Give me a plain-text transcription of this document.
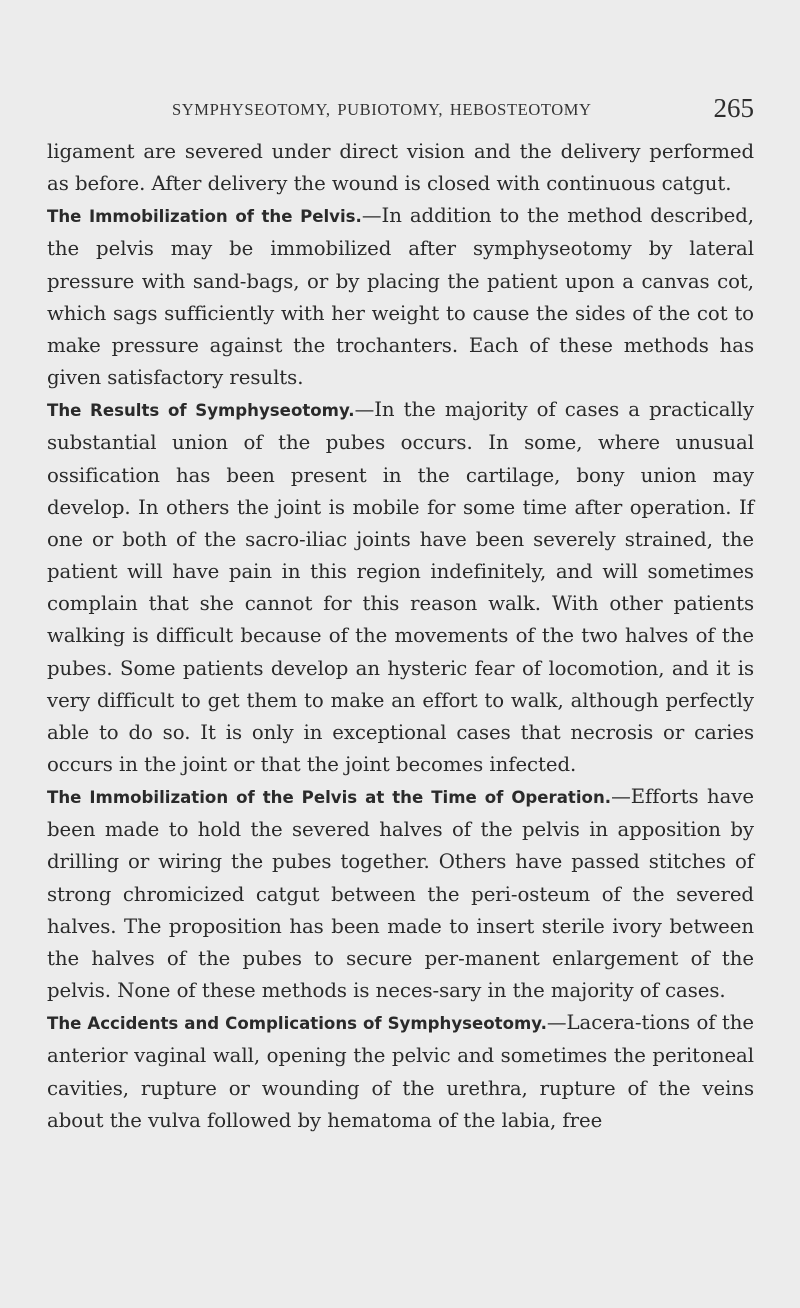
SYMPHYSEOTOMY, PUBIOTOMY, HEBOSTEOTOMY	265

ligament are severed under direct vision and the delivery performed as before. After delivery the wound is closed with continuous catgut.

The Immobilization of the Pelvis.—In addition to the method described, the pelvis may be immobilized after symphyseotomy by lateral pressure with sand-bags, or by placing the patient upon a canvas cot, which sags sufficiently with her weight to cause the sides of the cot to make pressure against the trochanters. Each of these methods has given satisfactory results.

The Results of Symphyseotomy.—In the majority of cases a practically substantial union of the pubes occurs. In some, where unusual ossification has been present in the cartilage, bony union may develop. In others the joint is mobile for some time after operation. If one or both of the sacro-iliac joints have been severely strained, the patient will have pain in this region indefinitely, and will sometimes complain that she cannot for this reason walk. With other patients walking is difficult because of the movements of the two halves of the pubes. Some patients develop an hysteric fear of locomotion, and it is very difficult to get them to make an effort to walk, although perfectly able to do so. It is only in exceptional cases that necrosis or caries occurs in the joint or that the joint becomes infected.

The Immobilization of the Pelvis at the Time of Operation.—Efforts have been made to hold the severed halves of the pelvis in apposition by drilling or wiring the pubes together. Others have passed stitches of strong chromicized catgut between the peri-osteum of the severed halves. The proposition has been made to insert sterile ivory between the halves of the pubes to secure per-manent enlargement of the pelvis. None of these methods is neces-sary in the majority of cases.

The Accidents and Complications of Symphyseotomy.—Lacera-tions of the anterior vaginal wall, opening the pelvic and sometimes the peritoneal cavities, rupture or wounding of the urethra, rupture of the veins about the vulva followed by hematoma of the labia, free
